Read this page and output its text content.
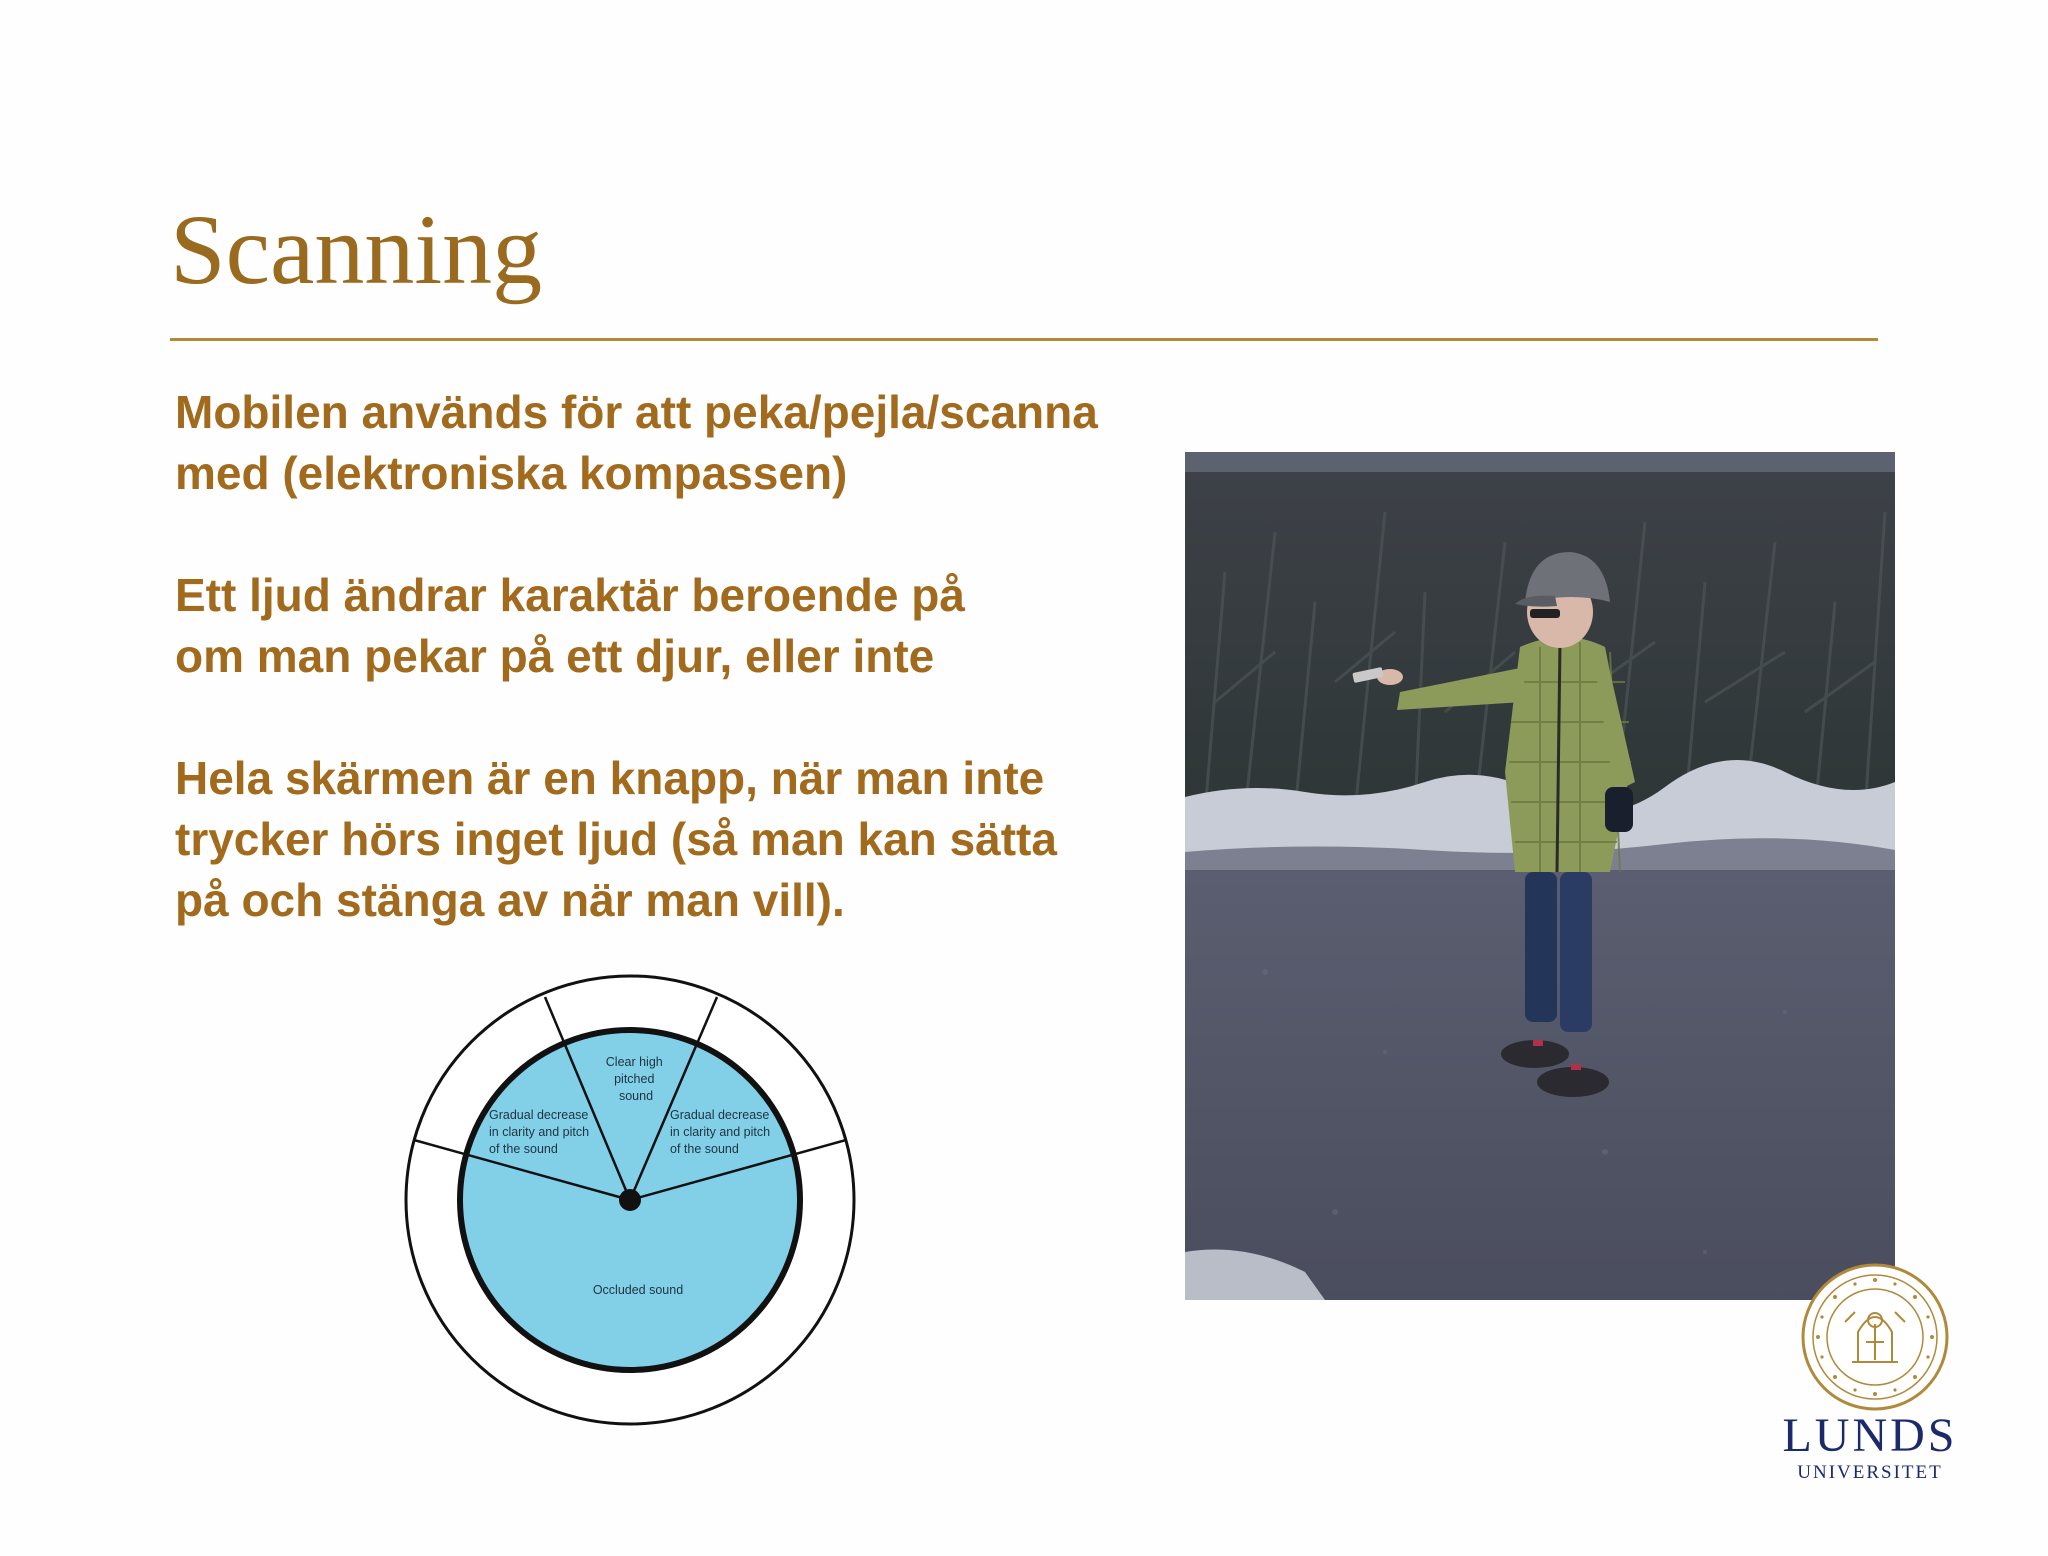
Scanning

Mobilen används för att peka/pejla/scanna
med (elektroniska kompassen)

Ett ljud ändrar karaktär beroende på
om man pekar på ett djur, eller inte

Hela skärmen är en knapp, när man inte
trycker hörs inget ljud (så man kan sätta
på och stänga av när man vill).

Clear high pitched sound
Gradual decrease in clarity and pitch of the sound
Gradual decrease in clarity and pitch of the sound
Occluded sound
LUNDS
UNIVERSITET
